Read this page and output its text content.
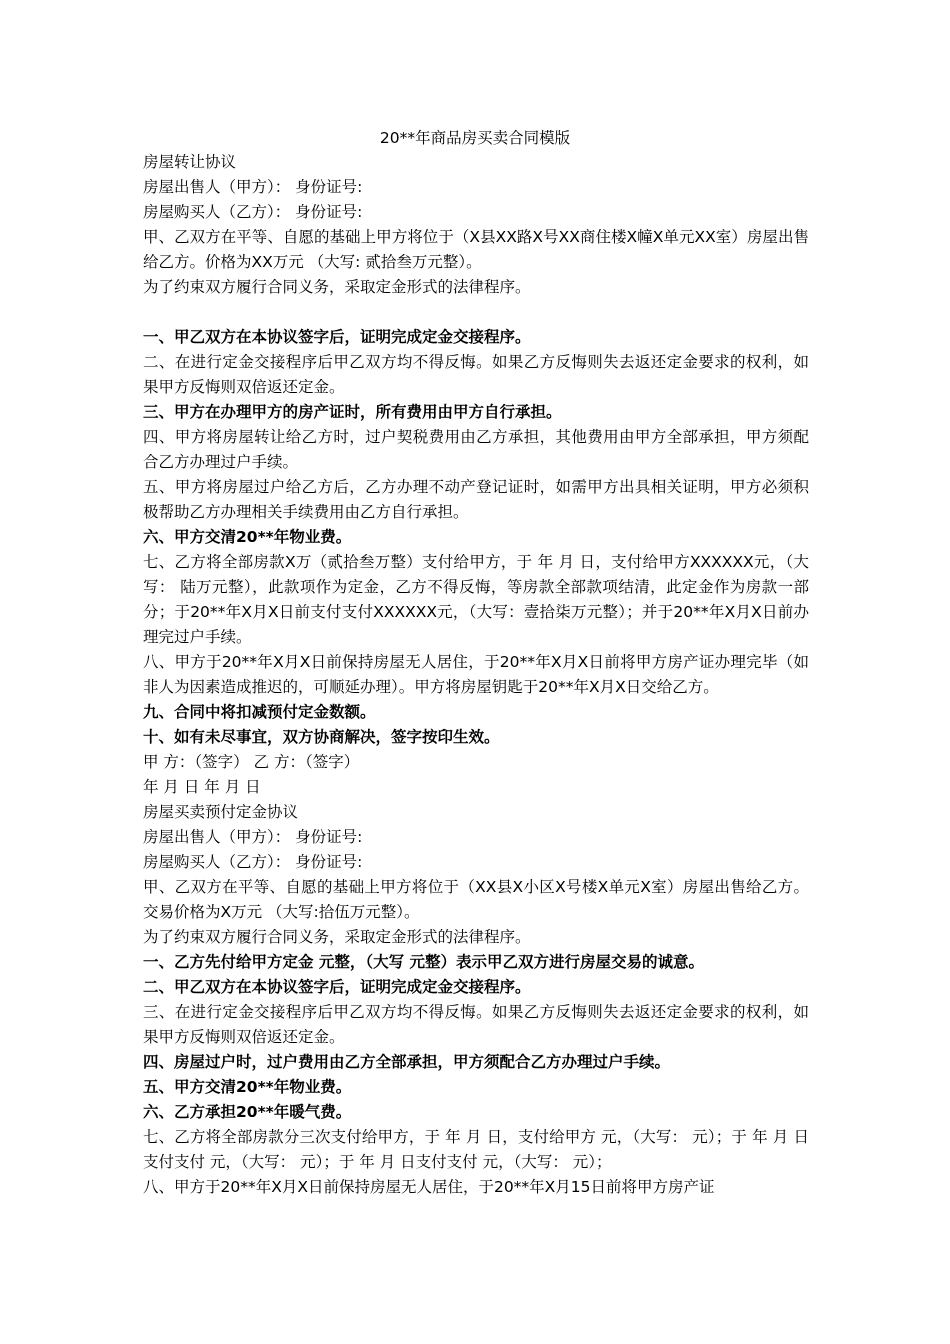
20**年商品房买卖合同模版

房屋转让协议

房屋出售人（甲方）： 身份证号:

房屋购买人（乙方）： 身份证号:

甲、乙双方在平等、自愿的基础上甲方将位于（X县XX路X号XX商住楼X幢X单元XX室）房屋出售给乙方。价格为XX万元 （大写: 贰拾叁万元整）。

为了约束双方履行合同义务，采取定金形式的法律程序。

一、甲乙双方在本协议签字后，证明完成定金交接程序。

二、在进行定金交接程序后甲乙双方均不得反悔。如果乙方反悔则失去返还定金要求的权利，如果甲方反悔则双倍返还定金。

三、甲方在办理甲方的房产证时，所有费用由甲方自行承担。

四、甲方将房屋转让给乙方时，过户契税费用由乙方承担，其他费用由甲方全部承担，甲方须配合乙方办理过户手续。

五、甲方将房屋过户给乙方后，乙方办理不动产登记证时，如需甲方出具相关证明，甲方必须积极帮助乙方办理相关手续费用由乙方自行承担。

六、甲方交清20**年物业费。

七、乙方将全部房款X万（贰拾叁万整）支付给甲方，于 年 月 日，支付给甲方XXXXXX元，（大写： 陆万元整），此款项作为定金，乙方不得反悔，等房款全部款项结清，此定金作为房款一部分；于20**年X月X日前支付支付XXXXXX元，（大写：壹拾柒万元整）；并于20**年X月X日前办理完过户手续。

八、甲方于20**年X月X日前保持房屋无人居住，于20**年X月X日前将甲方房产证办理完毕（如非人为因素造成推迟的，可顺延办理）。甲方将房屋钥匙于20**年X月X日交给乙方。

九、合同中将扣减预付定金数额。

十、如有未尽事宜，双方协商解决，签字按印生效。

甲 方：（签字） 乙 方：（签字）

年 月 日 年 月 日

房屋买卖预付定金协议

房屋出售人（甲方）： 身份证号:

房屋购买人（乙方）： 身份证号:

甲、乙双方在平等、自愿的基础上甲方将位于（XX县X小区X号楼X单元X室）房屋出售给乙方。交易价格为X万元 （大写:拾伍万元整）。

为了约束双方履行合同义务，采取定金形式的法律程序。

一、乙方先付给甲方定金 元整，（大写 元整）表示甲乙双方进行房屋交易的诚意。

二、甲乙双方在本协议签字后，证明完成定金交接程序。

三、在进行定金交接程序后甲乙双方均不得反悔。如果乙方反悔则失去返还定金要求的权利，如果甲方反悔则双倍返还定金。

四、房屋过户时，过户费用由乙方全部承担，甲方须配合乙方办理过户手续。

五、甲方交清20**年物业费。

六、乙方承担20**年暖气费。

七、乙方将全部房款分三次支付给甲方，于 年 月 日，支付给甲方 元，（大写： 元）；于 年 月 日支付支付 元，（大写： 元）；于 年 月 日支付支付 元，（大写： 元）；

八、甲方于20**年X月X日前保持房屋无人居住，于20**年X月15日前将甲方房产证
